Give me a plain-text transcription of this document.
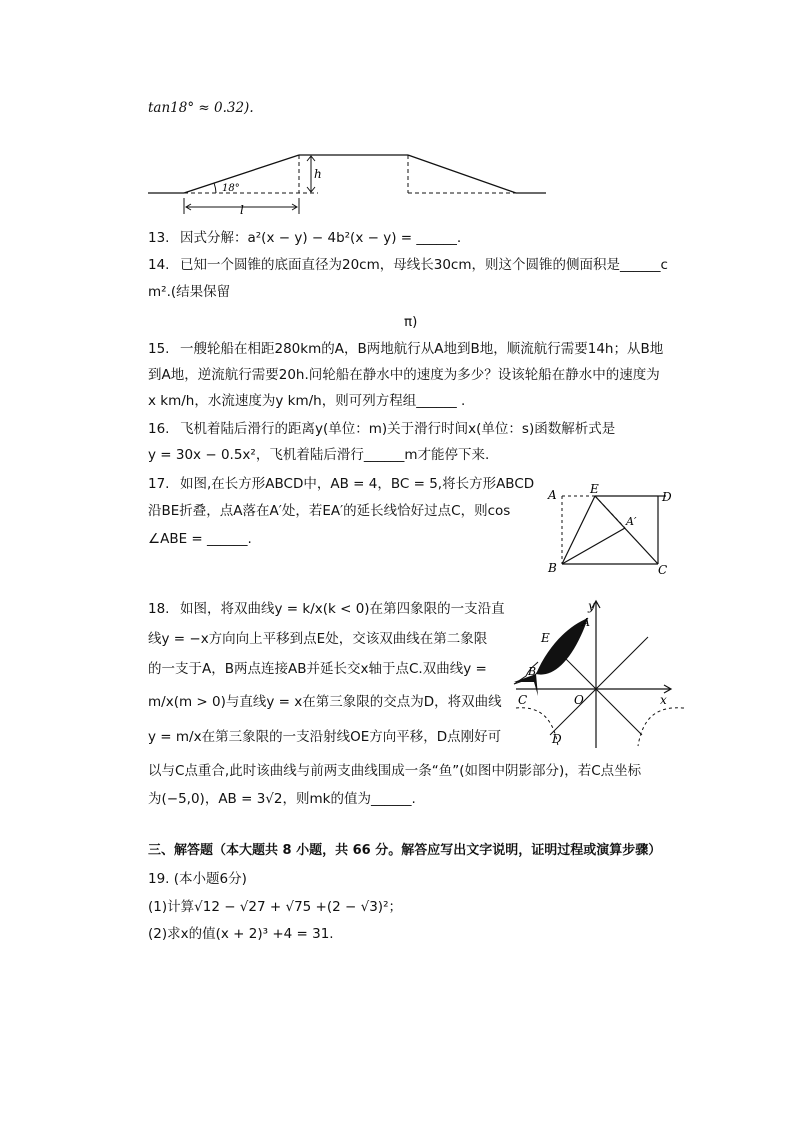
tan18° ≈ 0.32).
18°
h
l
13. 因式分解：a²(x − y) − 4b²(x − y) = ______.
14. 已知一个圆锥的底面直径为20cm，母线长30cm，则这个圆锥的侧面积是______c
m².(结果保留
π)
15. 一艘轮船在相距280km的A，B两地航行从A地到B地，顺流航行需要14h；从B地
到A地，逆流航行需要20h.问轮船在静水中的速度为多少？设该轮船在静水中的速度为
x km/h，水流速度为y km/h，则可列方程组______ .
16. 飞机着陆后滑行的距离y(单位：m)关于滑行时间x(单位：s)函数解析式是
y = 30x − 0.5x²，飞机着陆后滑行______m才能停下来.
17. 如图,在长方形ABCD中，AB = 4，BC = 5,将长方形ABCD
沿BE折叠，点A落在A′处，若EA′的延长线恰好过点C，则cos
∠ABE = ______.
A	E
D
A′
B	C
18. 如图，将双曲线y = k/x(k < 0)在第四象限的一支沿直
线y = −x方向向上平移到点E处，交该双曲线在第二象限
的一支于A，B两点连接AB并延长交x轴于点C.双曲线y =
m/x(m > 0)与直线y = x在第三象限的交点为D，将双曲线
y = m/x在第三象限的一支沿射线OE方向平移，D点刚好可
以与C点重合,此时该曲线与前两支曲线围成一条“鱼”(如图中阴影部分)，若C点坐标
为(−5,0)，AB = 3√2，则mk的值为______.
E
A
B
C	O
D
y
x
三、解答题（本大题共 8 小题，共 66 分。解答应写出文字说明，证明过程或演算步骤）
19. (本小题6分)
(1)计算√12 − √27 + √75 +(2 − √3)²；
(2)求x的值(x + 2)³ +4 = 31.
